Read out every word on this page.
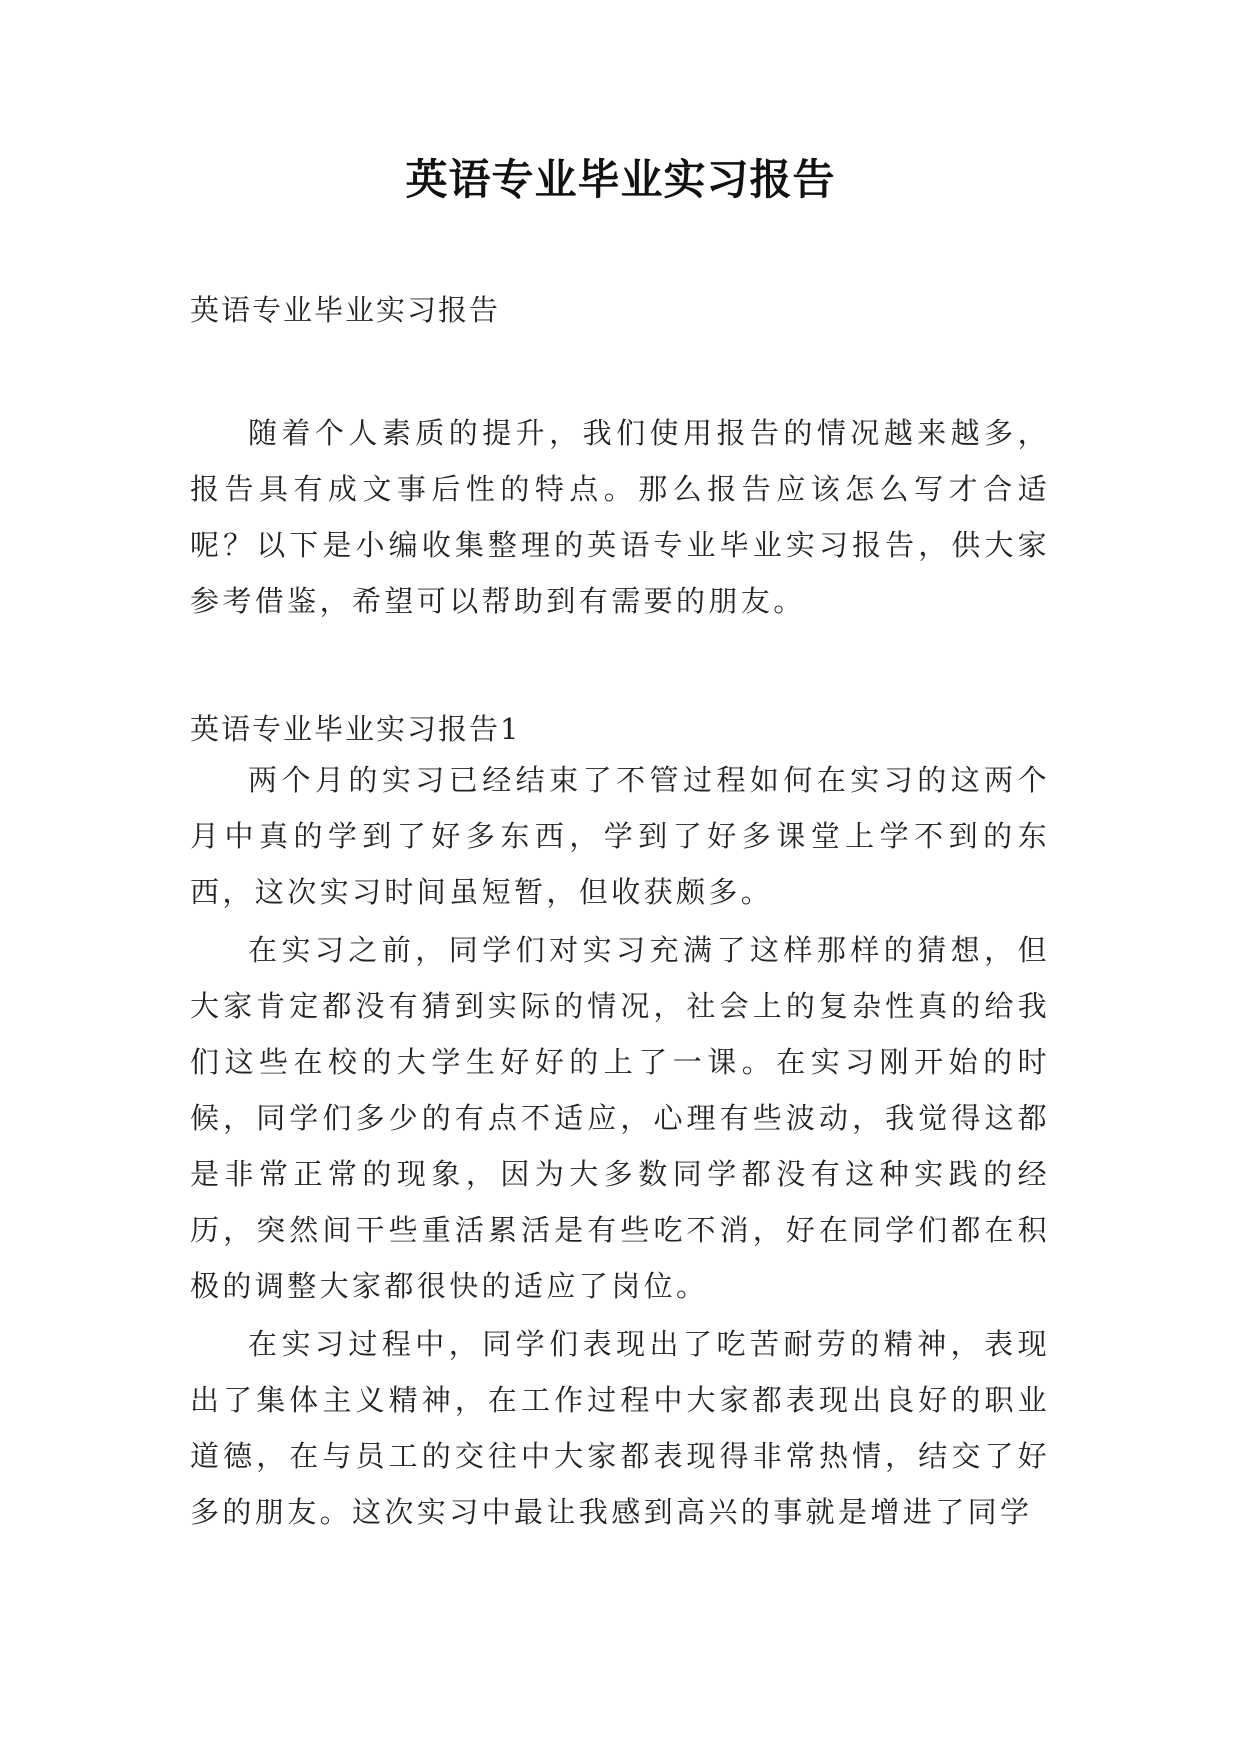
英语专业毕业实习报告
英语专业毕业实习报告

随着个人素质的提升，我们使用报告的情况越来越多，报告具有成文事后性的特点。那么报告应该怎么写才合适呢？以下是小编收集整理的英语专业毕业实习报告，供大家参考借鉴，希望可以帮助到有需要的朋友。

英语专业毕业实习报告1

两个月的实习已经结束了不管过程如何在实习的这两个月中真的学到了好多东西，学到了好多课堂上学不到的东西，这次实习时间虽短暂，但收获颇多。

在实习之前，同学们对实习充满了这样那样的猜想，但大家肯定都没有猜到实际的情况，社会上的复杂性真的给我们这些在校的大学生好好的上了一课。在实习刚开始的时候，同学们多少的有点不适应，心理有些波动，我觉得这都是非常正常的现象，因为大多数同学都没有这种实践的经历，突然间干些重活累活是有些吃不消，好在同学们都在积极的调整大家都很快的适应了岗位。

在实习过程中，同学们表现出了吃苦耐劳的精神，表现出了集体主义精神，在工作过程中大家都表现出良好的职业道德，在与员工的交往中大家都表现得非常热情，结交了好多的朋友。这次实习中最让我感到高兴的事就是增进了同学
